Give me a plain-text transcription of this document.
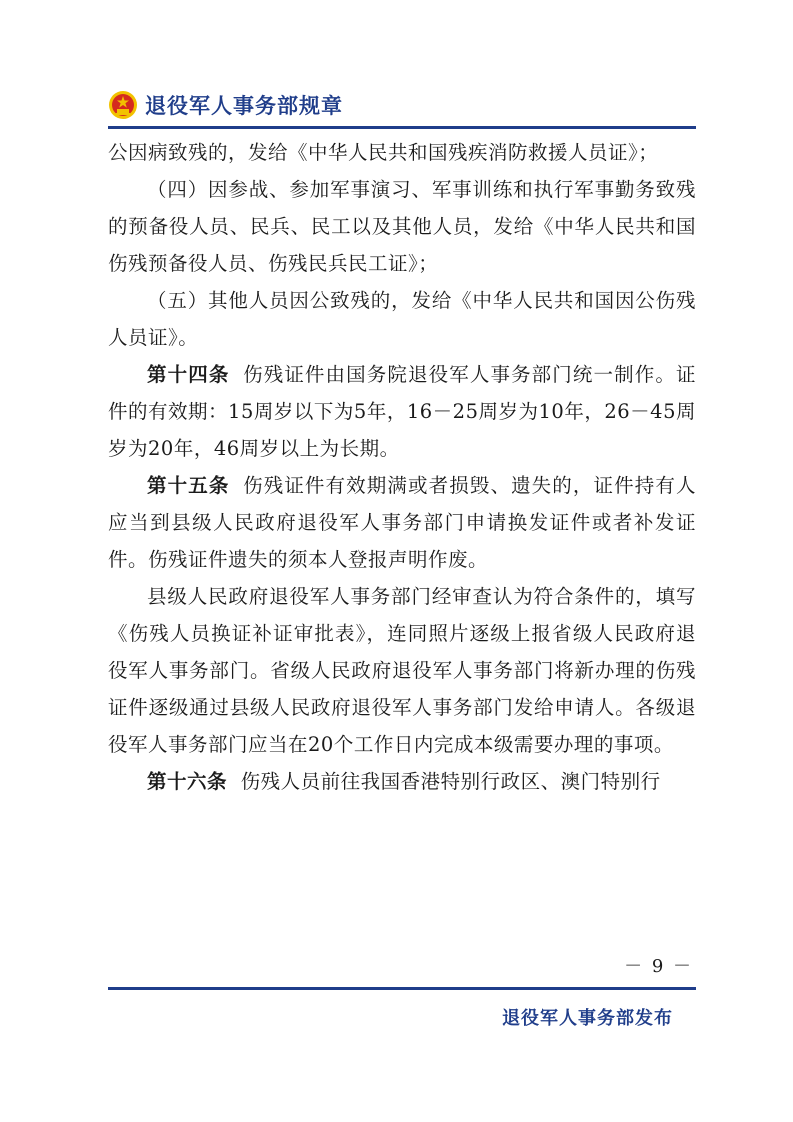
退役军人事务部规章

公因病致残的，发给《中华人民共和国残疾消防救援人员证》；

（四）因参战、参加军事演习、军事训练和执行军事勤务致残的预备役人员、民兵、民工以及其他人员，发给《中华人民共和国伤残预备役人员、伤残民兵民工证》；

（五）其他人员因公致残的，发给《中华人民共和国因公伤残人员证》。

第十四条 伤残证件由国务院退役军人事务部门统一制作。证件的有效期：15周岁以下为5年，16－25周岁为10年，26－45周岁为20年，46周岁以上为长期。

第十五条 伤残证件有效期满或者损毁、遗失的，证件持有人应当到县级人民政府退役军人事务部门申请换发证件或者补发证件。伤残证件遗失的须本人登报声明作废。

县级人民政府退役军人事务部门经审查认为符合条件的，填写《伤残人员换证补证审批表》，连同照片逐级上报省级人民政府退役军人事务部门。省级人民政府退役军人事务部门将新办理的伤残证件逐级通过县级人民政府退役军人事务部门发给申请人。各级退役军人事务部门应当在20个工作日内完成本级需要办理的事项。

第十六条 伤残人员前往我国香港特别行政区、澳门特别行

－ 9 －
退役军人事务部发布
